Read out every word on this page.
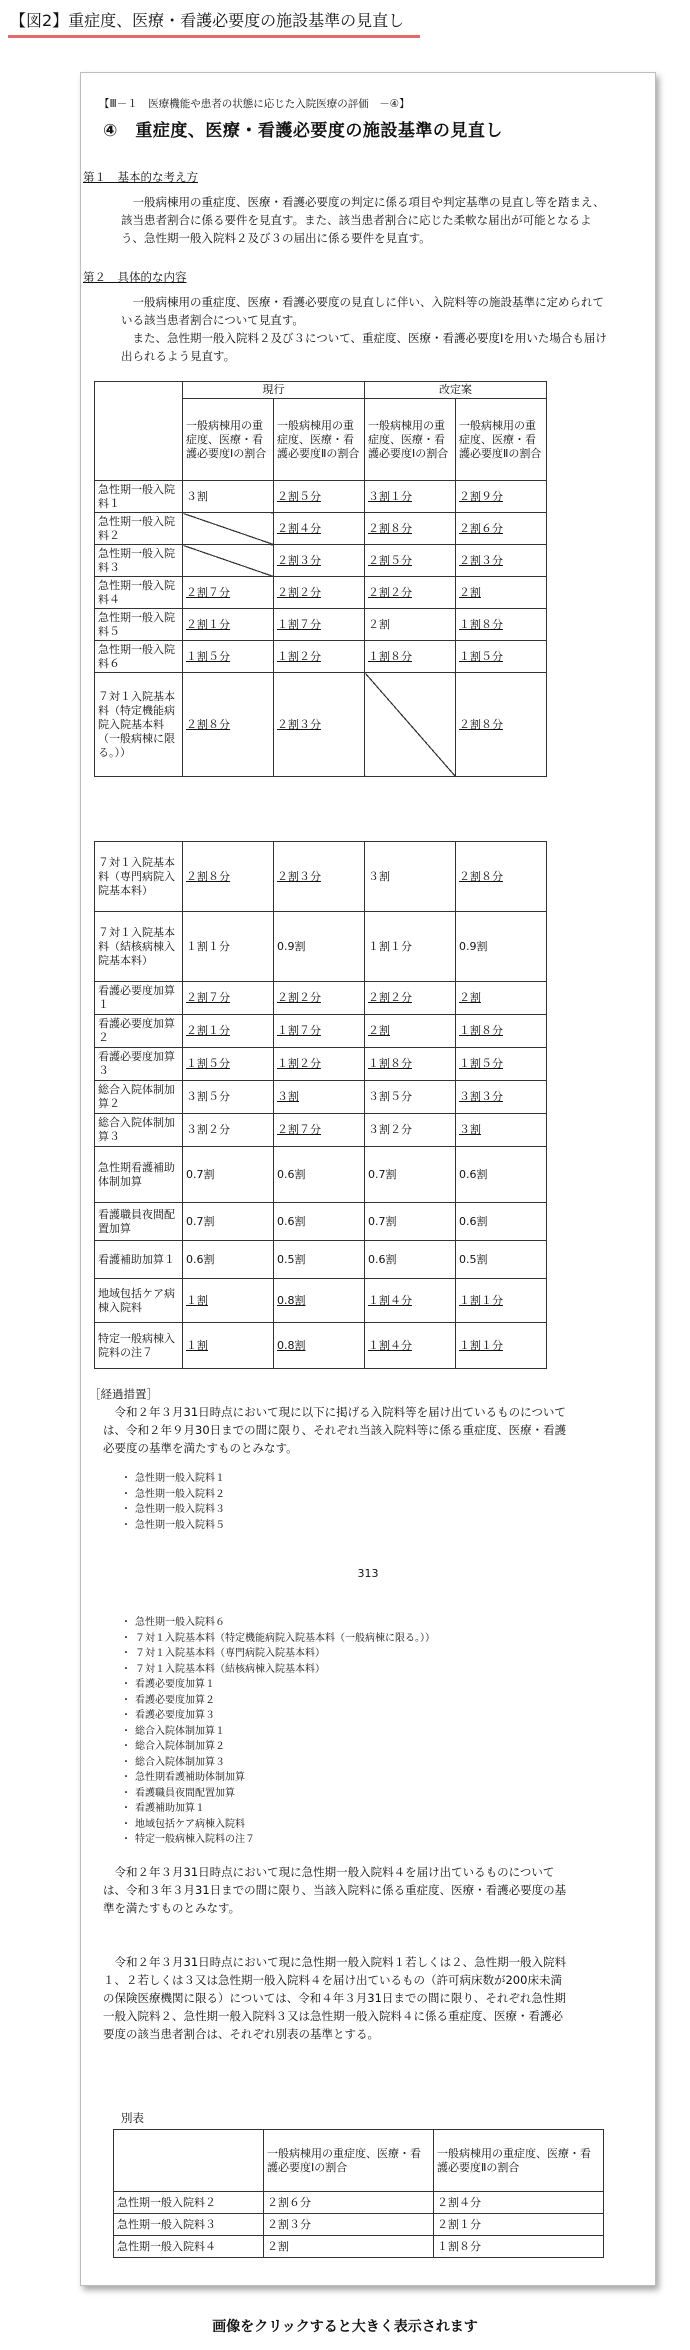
【図2】重症度、医療・看護必要度の施設基準の見直し
【Ⅲ－１　医療機能や患者の状態に応じた入院医療の評価　－④】
④　 重症度、医療・看護必要度の施設基準の見直し
第１　基本的な考え方
一般病棟用の重症度、医療・看護必要度の判定に係る項目や判定基準の見直し等を踏まえ、該当患者割合に係る要件を見直す。また、該当患者割合に応じた柔軟な届出が可能となるよう、急性期一般入院料２及び３の届出に係る要件を見直す。
第２　具体的な内容
一般病棟用の重症度、医療・看護必要度の見直しに伴い、入院料等の施設基準に定められている該当患者割合について見直す。
また、急性期一般入院料２及び３について、重症度、医療・看護必要度Ⅰを用いた場合も届け出られるよう見直す。
	現行		改定案	
	一般病棟用の重症度、医療・看護必要度Ⅰの割合	一般病棟用の重症度、医療・看護必要度Ⅱの割合	一般病棟用の重症度、医療・看護必要度Ⅰの割合	一般病棟用の重症度、医療・看護必要度Ⅱの割合
急性期一般入院料１	３割	２割５分	３割１分	２割９分
急性期一般入院料２		２割４分	２割８分	２割６分
急性期一般入院料３		２割３分	２割５分	２割３分
急性期一般入院料４	２割７分	２割２分	２割２分	２割
急性期一般入院料５	２割１分	１割７分	２割	１割８分
急性期一般入院料６	１割５分	１割２分	１割８分	１割５分
７対１入院基本料（特定機能病院入院基本料（一般病棟に限る。））	２割８分	２割３分		２割８分
７対１入院基本料（専門病院入院基本料）	２割８分	２割３分	３割	２割８分
７対１入院基本料（結核病棟入院基本料）	１割１分	0.9割	１割１分	0.9割
看護必要度加算１	２割７分	２割２分	２割２分	２割
看護必要度加算２	２割１分	１割７分	２割	１割８分
看護必要度加算３	１割５分	１割２分	１割８分	１割５分
総合入院体制加算２	３割５分	３割	３割５分	３割３分
総合入院体制加算３	３割２分	２割７分	３割２分	３割
急性期看護補助体制加算	0.7割	0.6割	0.7割	0.6割
看護職員夜間配置加算	0.7割	0.6割	0.7割	0.6割
看護補助加算１	0.6割	0.5割	0.6割	0.5割
地域包括ケア病棟入院料	１割	0.8割	１割４分	１割１分
特定一般病棟入院料の注７	１割	0.8割	１割４分	１割１分
［経過措置］
令和２年３月31日時点において現に以下に掲げる入院料等を届け出ているものについては、令和２年９月30日までの間に限り、それぞれ当該入院料等に係る重症度、医療・看護必要度の基準を満たすものとみなす。
・ 急性期一般入院料１
・ 急性期一般入院料２
・ 急性期一般入院料３
・ 急性期一般入院料５
313
・ 急性期一般入院料６
・ ７対１入院基本料（特定機能病院入院基本料（一般病棟に限る。））
・ ７対１入院基本料（専門病院入院基本料）
・ ７対１入院基本料（結核病棟入院基本料）
・ 看護必要度加算１
・ 看護必要度加算２
・ 看護必要度加算３
・ 総合入院体制加算１
・ 総合入院体制加算２
・ 総合入院体制加算３
・ 急性期看護補助体制加算
・ 看護職員夜間配置加算
・ 看護補助加算１
・ 地域包括ケア病棟入院料
・ 特定一般病棟入院料の注７
令和２年３月31日時点において現に急性期一般入院料４を届け出ているものについては、令和３年３月31日までの間に限り、当該入院料に係る重症度、医療・看護必要度の基準を満たすものとみなす。
令和２年３月31日時点において現に急性期一般入院料１若しくは２、急性期一般入院料１、２若しくは３又は急性期一般入院料４を届け出ているもの（許可病床数が200床未満の保険医療機関に限る）については、令和４年３月31日までの間に限り、それぞれ急性期一般入院料２、急性期一般入院料３又は急性期一般入院料４に係る重症度、医療・看護必要度の該当患者割合は、それぞれ別表の基準とする。
別表
	一般病棟用の重症度、医療・看護必要度Ⅰの割合	一般病棟用の重症度、医療・看護必要度Ⅱの割合
急性期一般入院料２	２割６分	２割４分
急性期一般入院料３	２割３分	２割１分
急性期一般入院料４	２割	１割８分
画像をクリックすると大きく表示されます
